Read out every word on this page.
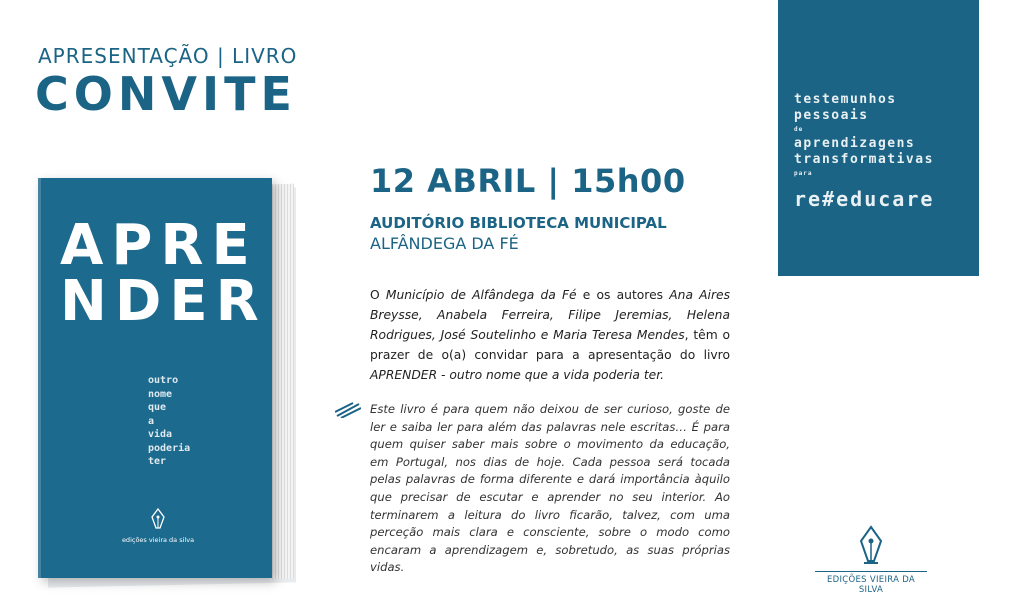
APRESENTAÇÃO | LIVRO
CONVITE
APRE
NDER
outro
nome
que
a
vida
poderia
ter
edições vieira da silva
12 ABRIL | 15h00
AUDITÓRIO BIBLIOTECA MUNICIPAL
ALFÂNDEGA DA FÉ
O Município de Alfândega da Fé e os autores Ana Aires Breysse, Anabela Ferreira, Filipe Jeremias, Helena Rodrigues, José Soutelinho e Maria Teresa Mendes, têm o prazer de o(a) convidar para a apresentação do livro APRENDER - outro nome que a vida poderia ter.
Este livro é para quem não deixou de ser curioso, goste de ler e saiba ler para além das palavras nele escritas… É para quem quiser saber mais sobre o movimento da educação, em Portugal, nos dias de hoje. Cada pessoa será tocada pelas palavras de forma diferente e dará importância àquilo que precisar de escutar e aprender no seu interior. Ao terminarem a leitura do livro ficarão, talvez, com uma perceção mais clara e consciente, sobre o modo como encaram a aprendizagem e, sobretudo, as suas próprias vidas.
testemunhos
pessoais
de
aprendizagens
transformativas
para
re#educare
EDIÇÕES VIEIRA DA SILVA
